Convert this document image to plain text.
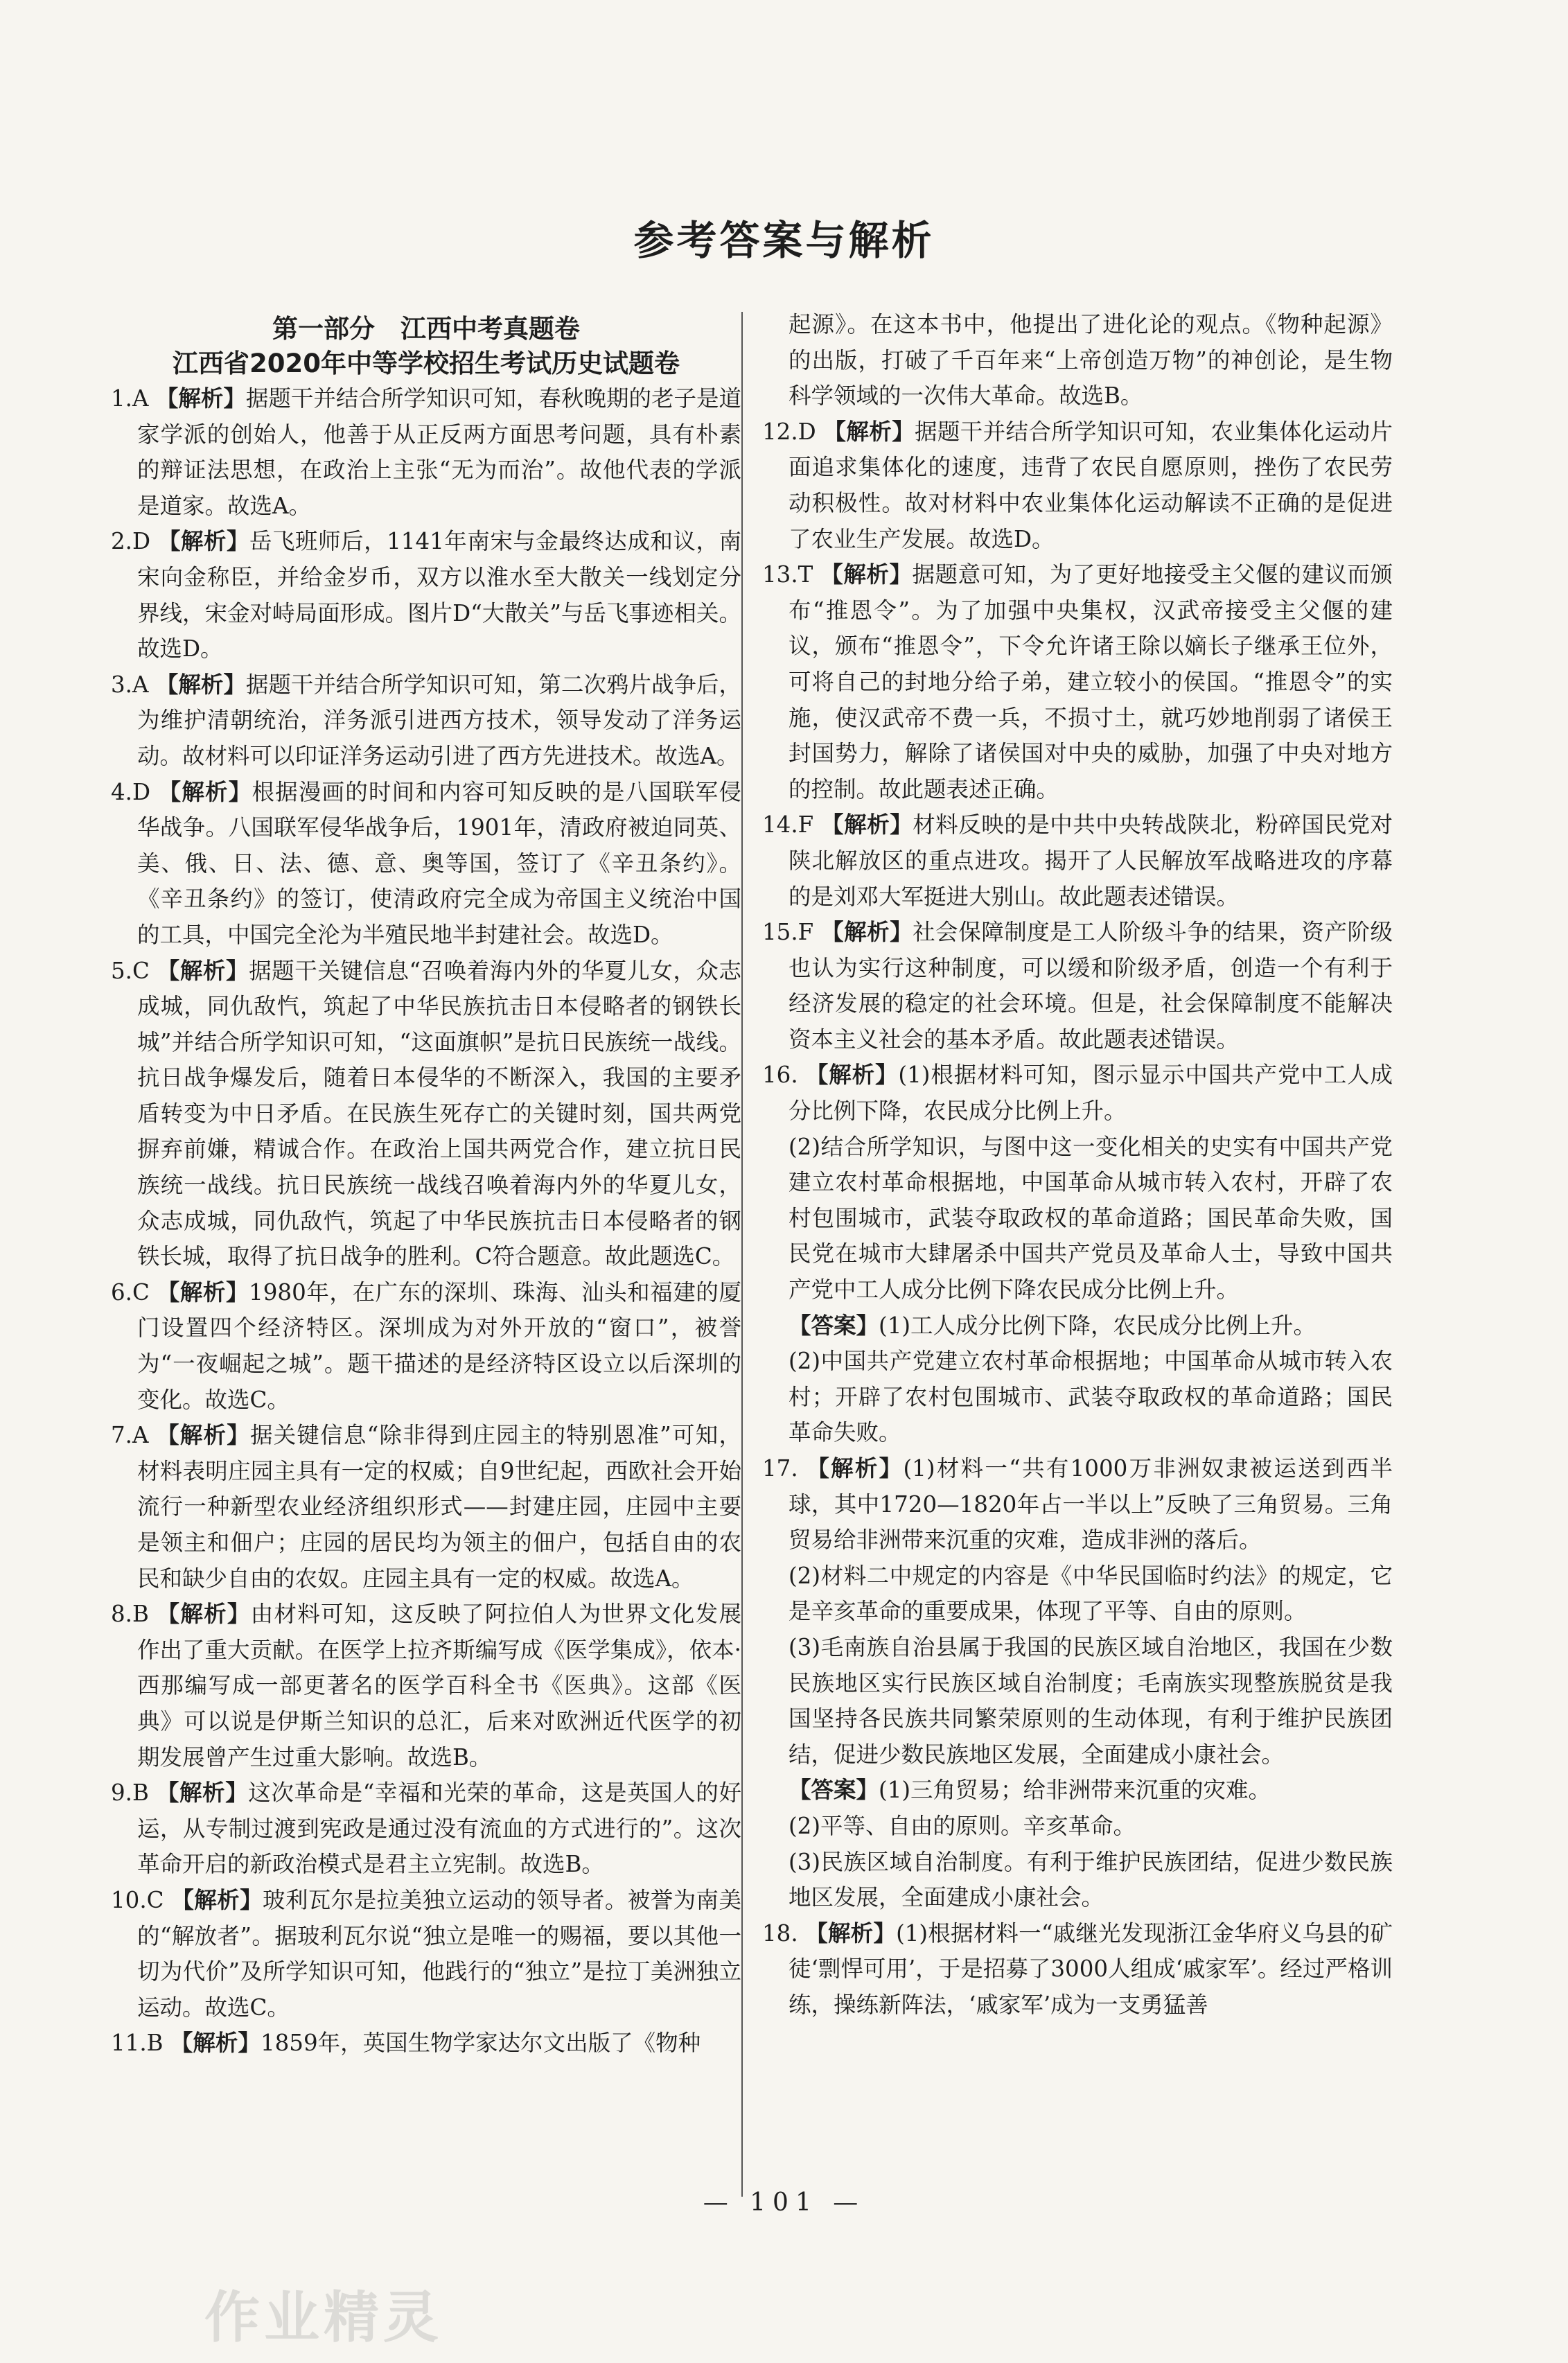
参考答案与解析
第一部分　江西中考真题卷
江西省2020年中等学校招生考试历史试题卷

1.A 【解析】据题干并结合所学知识可知，春秋晚期的老子是道家学派的创始人，他善于从正反两方面思考问题，具有朴素的辩证法思想，在政治上主张“无为而治”。故他代表的学派是道家。故选A。

2.D 【解析】岳飞班师后，1141年南宋与金最终达成和议，南宋向金称臣，并给金岁币，双方以淮水至大散关一线划定分界线，宋金对峙局面形成。图片D“大散关”与岳飞事迹相关。故选D。

3.A 【解析】据题干并结合所学知识可知，第二次鸦片战争后，为维护清朝统治，洋务派引进西方技术，领导发动了洋务运动。故材料可以印证洋务运动引进了西方先进技术。故选A。

4.D 【解析】根据漫画的时间和内容可知反映的是八国联军侵华战争。八国联军侵华战争后，1901年，清政府被迫同英、美、俄、日、法、德、意、奥等国，签订了《辛丑条约》。《辛丑条约》的签订，使清政府完全成为帝国主义统治中国的工具，中国完全沦为半殖民地半封建社会。故选D。

5.C 【解析】据题干关键信息“召唤着海内外的华夏儿女，众志成城，同仇敌忾，筑起了中华民族抗击日本侵略者的钢铁长城”并结合所学知识可知，“这面旗帜”是抗日民族统一战线。抗日战争爆发后，随着日本侵华的不断深入，我国的主要矛盾转变为中日矛盾。在民族生死存亡的关键时刻，国共两党摒弃前嫌，精诚合作。在政治上国共两党合作，建立抗日民族统一战线。抗日民族统一战线召唤着海内外的华夏儿女，众志成城，同仇敌忾，筑起了中华民族抗击日本侵略者的钢铁长城，取得了抗日战争的胜利。C符合题意。故此题选C。

6.C 【解析】1980年，在广东的深圳、珠海、汕头和福建的厦门设置四个经济特区。深圳成为对外开放的“窗口”，被誉为“一夜崛起之城”。题干描述的是经济特区设立以后深圳的变化。故选C。

7.A 【解析】据关键信息“除非得到庄园主的特别恩准”可知，材料表明庄园主具有一定的权威；自9世纪起，西欧社会开始流行一种新型农业经济组织形式——封建庄园，庄园中主要是领主和佃户；庄园的居民均为领主的佃户，包括自由的农民和缺少自由的农奴。庄园主具有一定的权威。故选A。

8.B 【解析】由材料可知，这反映了阿拉伯人为世界文化发展作出了重大贡献。在医学上拉齐斯编写成《医学集成》，依本·西那编写成一部更著名的医学百科全书《医典》。这部《医典》可以说是伊斯兰知识的总汇，后来对欧洲近代医学的初期发展曾产生过重大影响。故选B。

9.B 【解析】这次革命是“幸福和光荣的革命，这是英国人的好运，从专制过渡到宪政是通过没有流血的方式进行的”。这次革命开启的新政治模式是君主立宪制。故选B。

10.C 【解析】玻利瓦尔是拉美独立运动的领导者。被誉为南美的“解放者”。据玻利瓦尔说“独立是唯一的赐福，要以其他一切为代价”及所学知识可知，他践行的“独立”是拉丁美洲独立运动。故选C。

11.B 【解析】1859年，英国生物学家达尔文出版了《物种

起源》。在这本书中，他提出了进化论的观点。《物种起源》的出版，打破了千百年来“上帝创造万物”的神创论，是生物科学领域的一次伟大革命。故选B。

12.D 【解析】据题干并结合所学知识可知，农业集体化运动片面追求集体化的速度，违背了农民自愿原则，挫伤了农民劳动积极性。故对材料中农业集体化运动解读不正确的是促进了农业生产发展。故选D。

13.T 【解析】据题意可知，为了更好地接受主父偃的建议而颁布“推恩令”。为了加强中央集权，汉武帝接受主父偃的建议，颁布“推恩令”，下令允许诸王除以嫡长子继承王位外，可将自己的封地分给子弟，建立较小的侯国。“推恩令”的实施，使汉武帝不费一兵，不损寸土，就巧妙地削弱了诸侯王封国势力，解除了诸侯国对中央的威胁，加强了中央对地方的控制。故此题表述正确。

14.F 【解析】材料反映的是中共中央转战陕北，粉碎国民党对陕北解放区的重点进攻。揭开了人民解放军战略进攻的序幕的是刘邓大军挺进大别山。故此题表述错误。

15.F 【解析】社会保障制度是工人阶级斗争的结果，资产阶级也认为实行这种制度，可以缓和阶级矛盾，创造一个有利于经济发展的稳定的社会环境。但是，社会保障制度不能解决资本主义社会的基本矛盾。故此题表述错误。

16. 【解析】(1)根据材料可知，图示显示中国共产党中工人成分比例下降，农民成分比例上升。

(2)结合所学知识，与图中这一变化相关的史实有中国共产党建立农村革命根据地，中国革命从城市转入农村，开辟了农村包围城市，武装夺取政权的革命道路；国民革命失败，国民党在城市大肆屠杀中国共产党员及革命人士，导致中国共产党中工人成分比例下降农民成分比例上升。

【答案】(1)工人成分比例下降，农民成分比例上升。

(2)中国共产党建立农村革命根据地；中国革命从城市转入农村；开辟了农村包围城市、武装夺取政权的革命道路；国民革命失败。

17. 【解析】(1)材料一“共有1000万非洲奴隶被运送到西半球，其中1720—1820年占一半以上”反映了三角贸易。三角贸易给非洲带来沉重的灾难，造成非洲的落后。

(2)材料二中规定的内容是《中华民国临时约法》的规定，它是辛亥革命的重要成果，体现了平等、自由的原则。

(3)毛南族自治县属于我国的民族区域自治地区，我国在少数民族地区实行民族区域自治制度；毛南族实现整族脱贫是我国坚持各民族共同繁荣原则的生动体现，有利于维护民族团结，促进少数民族地区发展，全面建成小康社会。

【答案】(1)三角贸易；给非洲带来沉重的灾难。

(2)平等、自由的原则。辛亥革命。

(3)民族区域自治制度。有利于维护民族团结，促进少数民族地区发展，全面建成小康社会。

18. 【解析】(1)根据材料一“戚继光发现浙江金华府义乌县的矿徒‘剽悍可用’，于是招募了3000人组成‘戚家军’。经过严格训练，操练新阵法，‘戚家军’成为一支勇猛善

— 101 —
作业精灵
